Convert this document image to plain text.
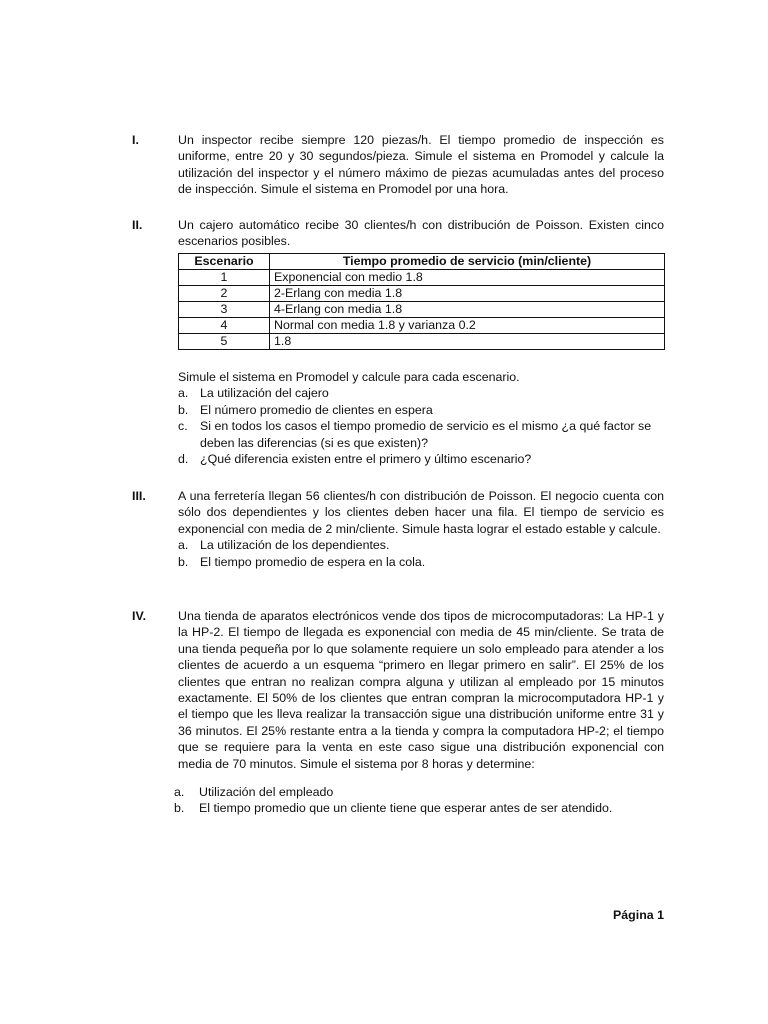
I.	Un inspector recibe siempre 120 piezas/h. El tiempo promedio de inspección es uniforme, entre 20 y 30 segundos/pieza. Simule el sistema en Promodel y calcule la utilización del inspector y el número máximo de piezas acumuladas antes del proceso de inspección. Simule el sistema en Promodel por una hora.

II.	Un cajero automático recibe 30 clientes/h con distribución de Poisson. Existen cinco escenarios posibles.

Escenario	Tiempo promedio de servicio (min/cliente)
1	Exponencial con medio 1.8
2	2-Erlang con media 1.8
3	4-Erlang con media 1.8
4	Normal con media 1.8 y varianza 0.2
5	1.8

Simule el sistema en Promodel y calcule para cada escenario.

a. La utilización del cajero
b. El número promedio de clientes en espera
c. Si en todos los casos el tiempo promedio de servicio es el mismo ¿a qué factor se deben las diferencias (si es que existen)?
d. ¿Qué diferencia existen entre el primero y último escenario?
III.	A una ferretería llegan 56 clientes/h con distribución de Poisson. El negocio cuenta con sólo dos dependientes y los clientes deben hacer una fila. El tiempo de servicio es exponencial con media de 2 min/cliente. Simule hasta lograr el estado estable y calcule.

a. La utilización de los dependientes.
b. El tiempo promedio de espera en la cola.
IV.	Una tienda de aparatos electrónicos vende dos tipos de microcomputadoras: La HP-1 y la HP-2. El tiempo de llegada es exponencial con media de 45 min/cliente. Se trata de una tienda pequeña por lo que solamente requiere un solo empleado para atender a los clientes de acuerdo a un esquema “primero en llegar primero en salir”. El 25% de los clientes que entran no realizan compra alguna y utilizan al empleado por 15 minutos exactamente. El 50% de los clientes que entran compran la microcomputadora HP-1 y el tiempo que les lleva realizar la transacción sigue una distribución uniforme entre 31 y 36 minutos. El 25% restante entra a la tienda y compra la computadora HP-2; el tiempo que se requiere para la venta en este caso sigue una distribución exponencial con media de 70 minutos. Simule el sistema por 8 horas y determine:

a. Utilización del empleado
b. El tiempo promedio que un cliente tiene que esperar antes de ser atendido.
Página 1
